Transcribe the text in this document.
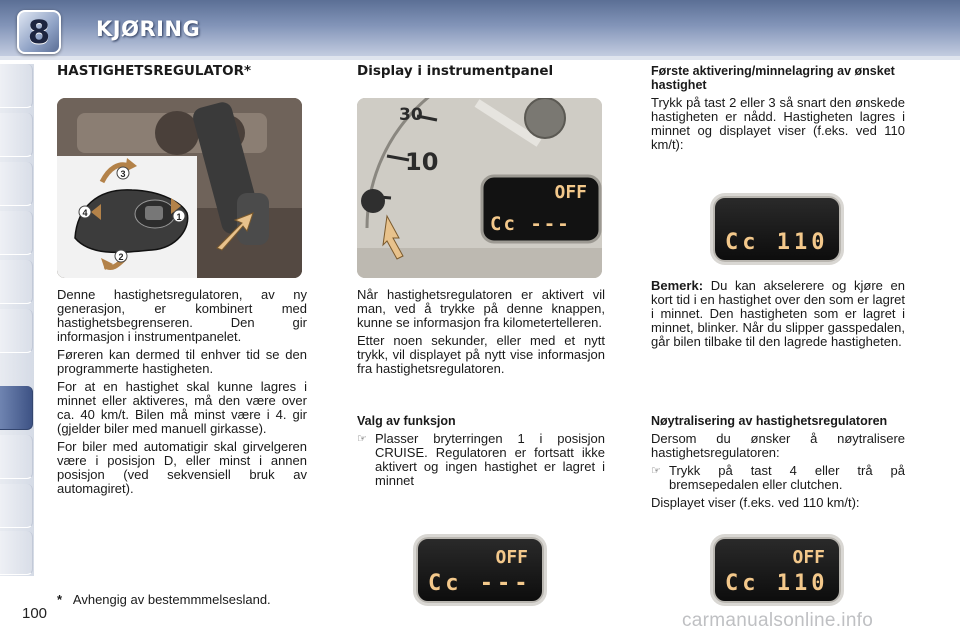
8 KJØRING
100
HASTIGHETSREGULATOR*
3
4	1
2

Denne hastighetsregulatoren, av ny generasjon, er kombinert med hastighetsbegrenseren. Den gir informasjon i instrumentpanelet.

Føreren kan dermed til enhver tid se den programmerte hastigheten.

For at en hastighet skal kunne lagres i minnet eller aktiveres, må den være over ca. 40 km/t. Bilen må minst være i 4. gir (gjelder biler med manuell girkasse).

For biler med automatigir skal girvelgeren være i posisjon D, eller minst i annen posisjon (ved sekvensiell bruk av automagiret).

* Avhengig av bestemmmelsesland.
Display i instrumentpanel
30
10
OFF
Cc ---

Når hastighetsregulatoren er aktivert vil man, ved å trykke på denne knappen, kunne se informasjon fra kilometertelleren.

Etter noen sekunder, eller med et nytt trykk, vil displayet på nytt vise informasjon fra hastighetsregulatoren.

Valg av funksjon
☞ Plasser bryterringen 1 i posisjon CRUISE. Regulatoren er fortsatt ikke aktivert og ingen hastighet er lagret i minnet

OFF
Cc ---
Første aktivering/minnelagring av ønsket hastighet

Trykk på tast 2 eller 3 så snart den ønskede hastigheten er nådd. Hastigheten lagres i minnet og displayet viser (f.eks. ved 110 km/t):

Cc 110

Bemerk: Du kan akselerere og kjøre en kort tid i en hastighet over den som er lagret i minnet. Den hastigheten som er lagret i minnet, blinker. Når du slipper gasspedalen, går bilen tilbake til den lagrede hastigheten.

Nøytralisering av hastighetsregulatoren

Dersom du ønsker å nøytralisere hastighetsregulatoren:

☞ Trykk på tast 4 eller trå på bremsepedalen eller clutchen.

Displayet viser (f.eks. ved 110 km/t):

OFF
Cc 110
carmanualsonline.info
